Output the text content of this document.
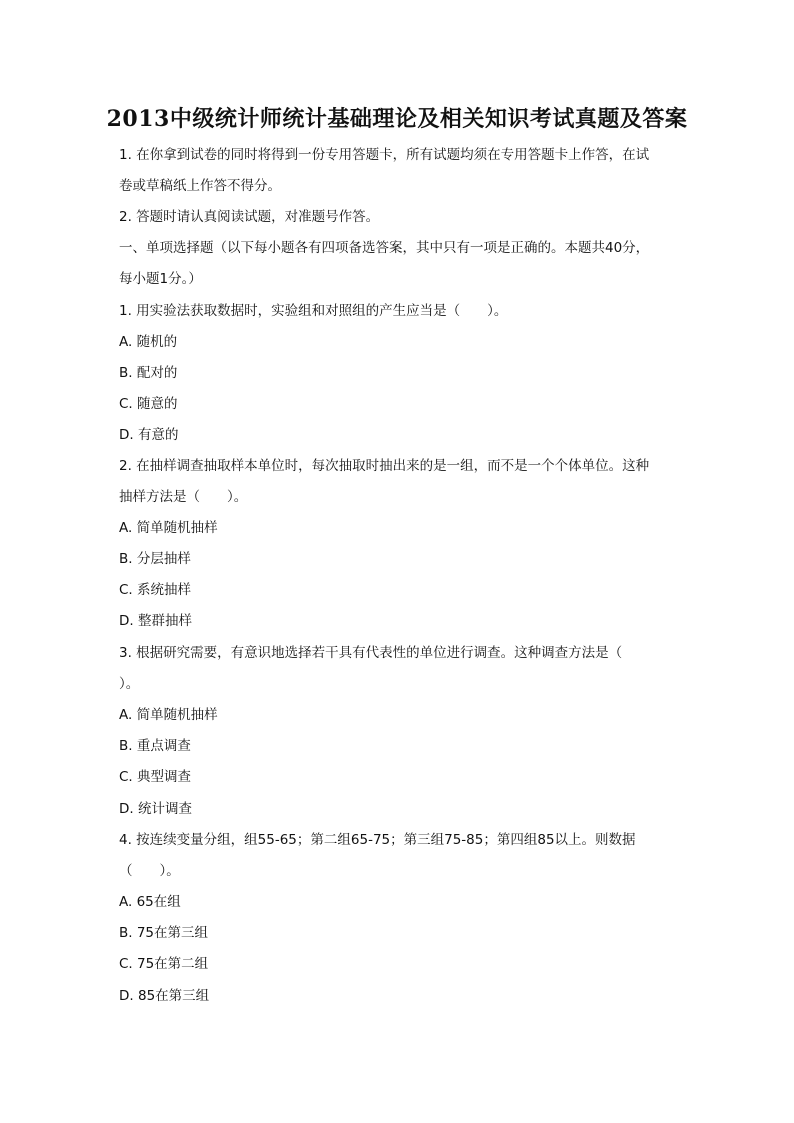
2013中级统计师统计基础理论及相关知识考试真题及答案
1. 在你拿到试卷的同时将得到一份专用答题卡，所有试题均须在专用答题卡上作答，在试
卷或草稿纸上作答不得分。
2. 答题时请认真阅读试题，对准题号作答。
一、单项选择题（以下每小题各有四项备选答案，其中只有一项是正确的。本题共40分，
每小题1分。）
1. 用实验法获取数据时，实验组和对照组的产生应当是（　　）。
A. 随机的
B. 配对的
C. 随意的
D. 有意的
2. 在抽样调查抽取样本单位时，每次抽取时抽出来的是一组，而不是一个个体单位。这种
抽样方法是（　　）。
A. 简单随机抽样
B. 分层抽样
C. 系统抽样
D. 整群抽样
3. 根据研究需要，有意识地选择若干具有代表性的单位进行调查。这种调查方法是（
）。
A. 简单随机抽样
B. 重点调查
C. 典型调查
D. 统计调查
4. 按连续变量分组，组55-65；第二组65-75；第三组75-85；第四组85以上。则数据
（　　）。
A. 65在组
B. 75在第三组
C. 75在第二组
D. 85在第三组
